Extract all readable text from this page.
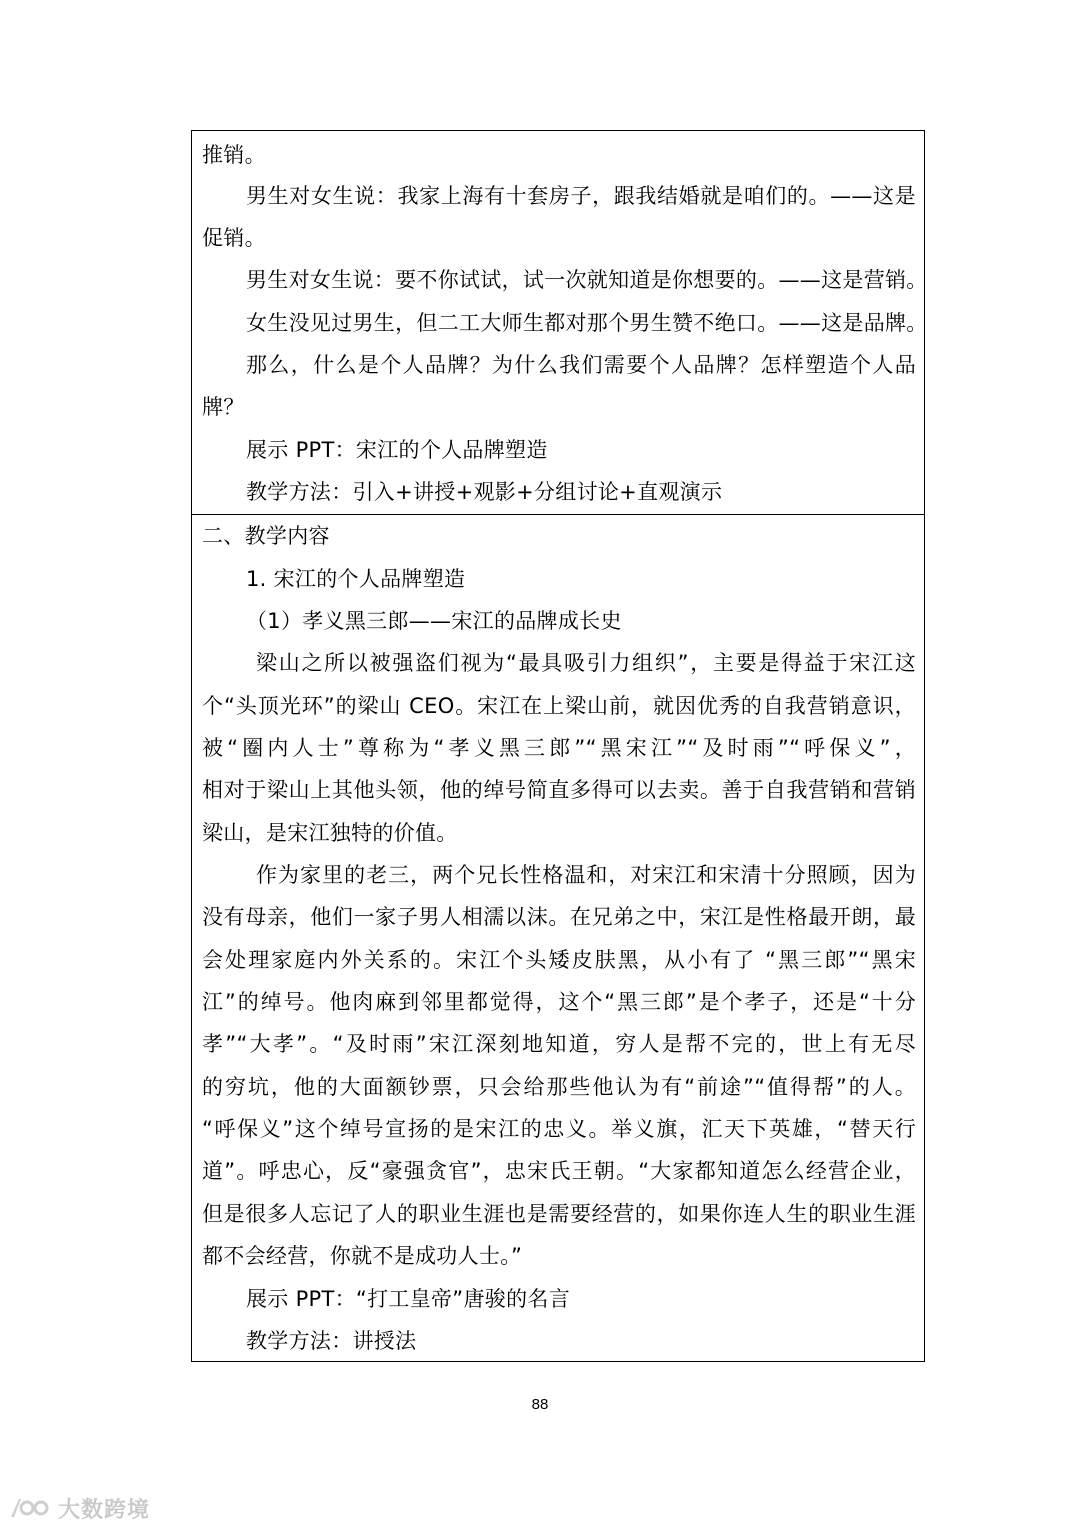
推销。
男生对女生说：我家上海有十套房子，跟我结婚就是咱们的。——这是
促销。
男生对女生说：要不你试试，试一次就知道是你想要的。——这是营销。
女生没见过男生，但二工大师生都对那个男生赞不绝口。——这是品牌。
那么，什么是个人品牌？为什么我们需要个人品牌？怎样塑造个人品
牌？
展示 PPT：宋江的个人品牌塑造
教学方法：引入+讲授+观影+分组讨论+直观演示
二、教学内容
1. 宋江的个人品牌塑造
（1）孝义黑三郎——宋江的品牌成长史
梁山之所以被强盗们视为“最具吸引力组织”，主要是得益于宋江这
个“头顶光环”的梁山 CEO。宋江在上梁山前，就因优秀的自我营销意识，
被“圈内人士”尊称为“孝义黑三郎”“黑宋江”“及时雨”“呼保义”，
相对于梁山上其他头领，他的绰号简直多得可以去卖。善于自我营销和营销
梁山，是宋江独特的价值。
作为家里的老三，两个兄长性格温和，对宋江和宋清十分照顾，因为
没有母亲，他们一家子男人相濡以沫。在兄弟之中，宋江是性格最开朗，最
会处理家庭内外关系的。宋江个头矮皮肤黑，从小有了 “黑三郎”“黑宋
江”的绰号。他肉麻到邻里都觉得，这个“黑三郎”是个孝子，还是“十分
孝”“大孝”。“及时雨”宋江深刻地知道，穷人是帮不完的，世上有无尽
的穷坑，他的大面额钞票，只会给那些他认为有“前途”“值得帮”的人。
“呼保义”这个绰号宣扬的是宋江的忠义。举义旗，汇天下英雄，“替天行
道”。呼忠心，反“豪强贪官”，忠宋氏王朝。“大家都知道怎么经营企业，
但是很多人忘记了人的职业生涯也是需要经营的，如果你连人生的职业生涯
都不会经营，你就不是成功人士。”
展示 PPT：“打工皇帝”唐骏的名言
教学方法：讲授法
88
大数跨境
